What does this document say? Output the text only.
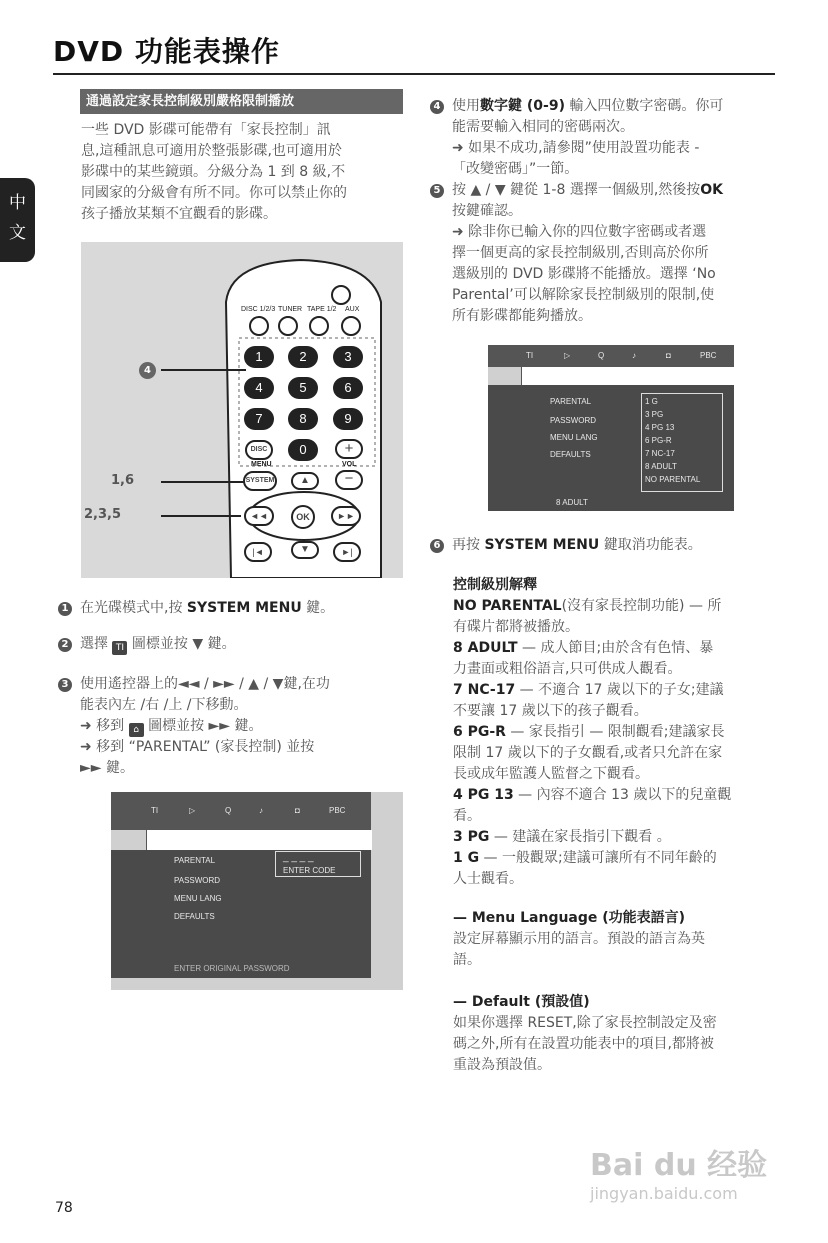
DVD 功能表操作
中 文
通過設定家長控制級別嚴格限制播放
一些 DVD 影碟可能帶有「家長控制」訊
息,這種訊息可適用於整張影碟,也可適用於
影碟中的某些鏡頭。分級分為 1 到 8 級,不
同國家的分級會有所不同。你可以禁止你的
孩子播放某類不宜觀看的影碟。
DISC 1/2/3 TUNER TAPE 1/2 AUX
1	2	3
4	5	6
7	8	9
0
DISC
MENU
SYSTEM
+
VOL
−
▲
◄◄	OK	►►
|◄	▼	►|
4
1,6
2,3,5
1 在光碟模式中,按 SYSTEM MENU 鍵。
2 選擇 TI 圖標並按 ▼ 鍵。
3 使用遙控器上的◄◄ / ►► / ▲ / ▼鍵,在功
能表內左 /右 /上 /下移動。
➜ 移到 ⌂ 圖標並按 ►► 鍵。
➜ 移到 “PARENTAL” (家長控制) 並按
►► 鍵。
TI	▷	Q	♪	◘	PBC
PARENTAL
PASSWORD
MENU LANG
DEFAULTS
_ _ _ _
ENTER CODE
ENTER ORIGINAL PASSWORD
4 使用數字鍵 (0-9) 輸入四位數字密碼。你可
能需要輸入相同的密碼兩次。
➜ 如果不成功,請參閱”使用設置功能表 -
「改變密碼」”一節。
5 按 ▲ / ▼ 鍵從 1-8 選擇一個級別,然後按OK
按鍵確認。
➜ 除非你已輸入你的四位數字密碼或者選
擇一個更高的家長控制級別,否則高於你所
選級別的 DVD 影碟將不能播放。選擇 ‘No
Parental’可以解除家長控制級別的限制,使
所有影碟都能夠播放。
TI	▷	Q	♪	◘	PBC
PARENTAL
PASSWORD
MENU LANG
DEFAULTS
1 G
3 PG
4 PG 13
6 PG-R
7 NC-17
8 ADULT
NO PARENTAL
8 ADULT
6 再按 SYSTEM MENU 鍵取消功能表。
控制級別解釋
NO PARENTAL(沒有家長控制功能) — 所
有碟片都將被播放。
8 ADULT — 成人節目;由於含有色情、暴
力畫面或粗俗語言,只可供成人觀看。
7 NC-17 — 不適合 17 歲以下的子女;建議
不要讓 17 歲以下的孩子觀看。
6 PG-R — 家長指引 — 限制觀看;建議家長
限制 17 歲以下的子女觀看,或者只允許在家
長或成年監護人監督之下觀看。
4 PG 13 — 內容不適合 13 歲以下的兒童觀
看。
3 PG — 建議在家長指引下觀看 。
1 G — 一般觀眾;建議可讓所有不同年齡的
人士觀看。
— Menu Language (功能表語言)
設定屏幕顯示用的語言。預設的語言為英
語。
— Default (預設值)
如果你選擇 RESET,除了家長控制設定及密
碼之外,所有在設置功能表中的項目,都將被
重設為預設值。
78
Bai du 经验
jingyan.baidu.com
